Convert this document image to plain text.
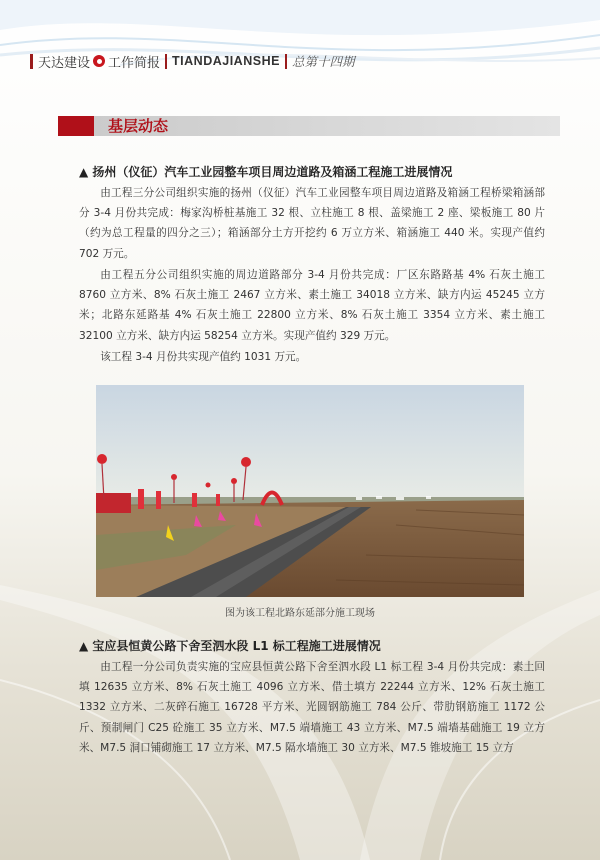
天达建设 工作简报 TIANDAJIANSHE 总第十四期
基层动态
▲ 扬州（仪征）汽车工业园整车项目周边道路及箱涵工程施工进展情况

由工程三分公司组织实施的扬州（仪征）汽车工业园整车项目周边道路及箱涵工程桥梁箱涵部分 3-4 月份共完成：梅家沟桥桩基施工 32 根、立柱施工 8 根、盖梁施工 2 座、梁板施工 80 片（约为总工程量的四分之三）；箱涵部分土方开挖约 6 万立方米、箱涵施工 440 米。实现产值约 702 万元。

由工程五分公司组织实施的周边道路部分 3-4 月份共完成：厂区东路路基 4% 石灰土施工 8760 立方米、8% 石灰土施工 2467 立方米、素土施工 34018 立方米、缺方内运 45245 立方米；北路东延路基 4% 石灰土施工 22800 立方米、8% 石灰土施工 3354 立方米、素土施工 32100 立方米、缺方内运 58254 立方米。实现产值约 329 万元。

该工程 3-4 月份共实现产值约 1031 万元。

图为该工程北路东延部分施工现场
▲ 宝应县恒黄公路下舍至泗水段 L1 标工程施工进展情况

由工程一分公司负责实施的宝应县恒黄公路下舍至泗水段 L1 标工程 3-4 月份共完成：素土回填 12635 立方米、8% 石灰土施工 4096 立方米、借土填方 22244 立方米、12% 石灰土施工 1332 立方米、二灰碎石施工 16728 平方米、光圆钢筋施工 784 公斤、带肋钢筋施工 1172 公斤、预制闸门 C25 砼施工 35 立方米、M7.5 端墙施工 43 立方米、M7.5 端墙基础施工 19 立方米、M7.5 洞口铺砌施工 17 立方米、M7.5 隔水墙施工 30 立方米、M7.5 锥坡施工 15 立方
